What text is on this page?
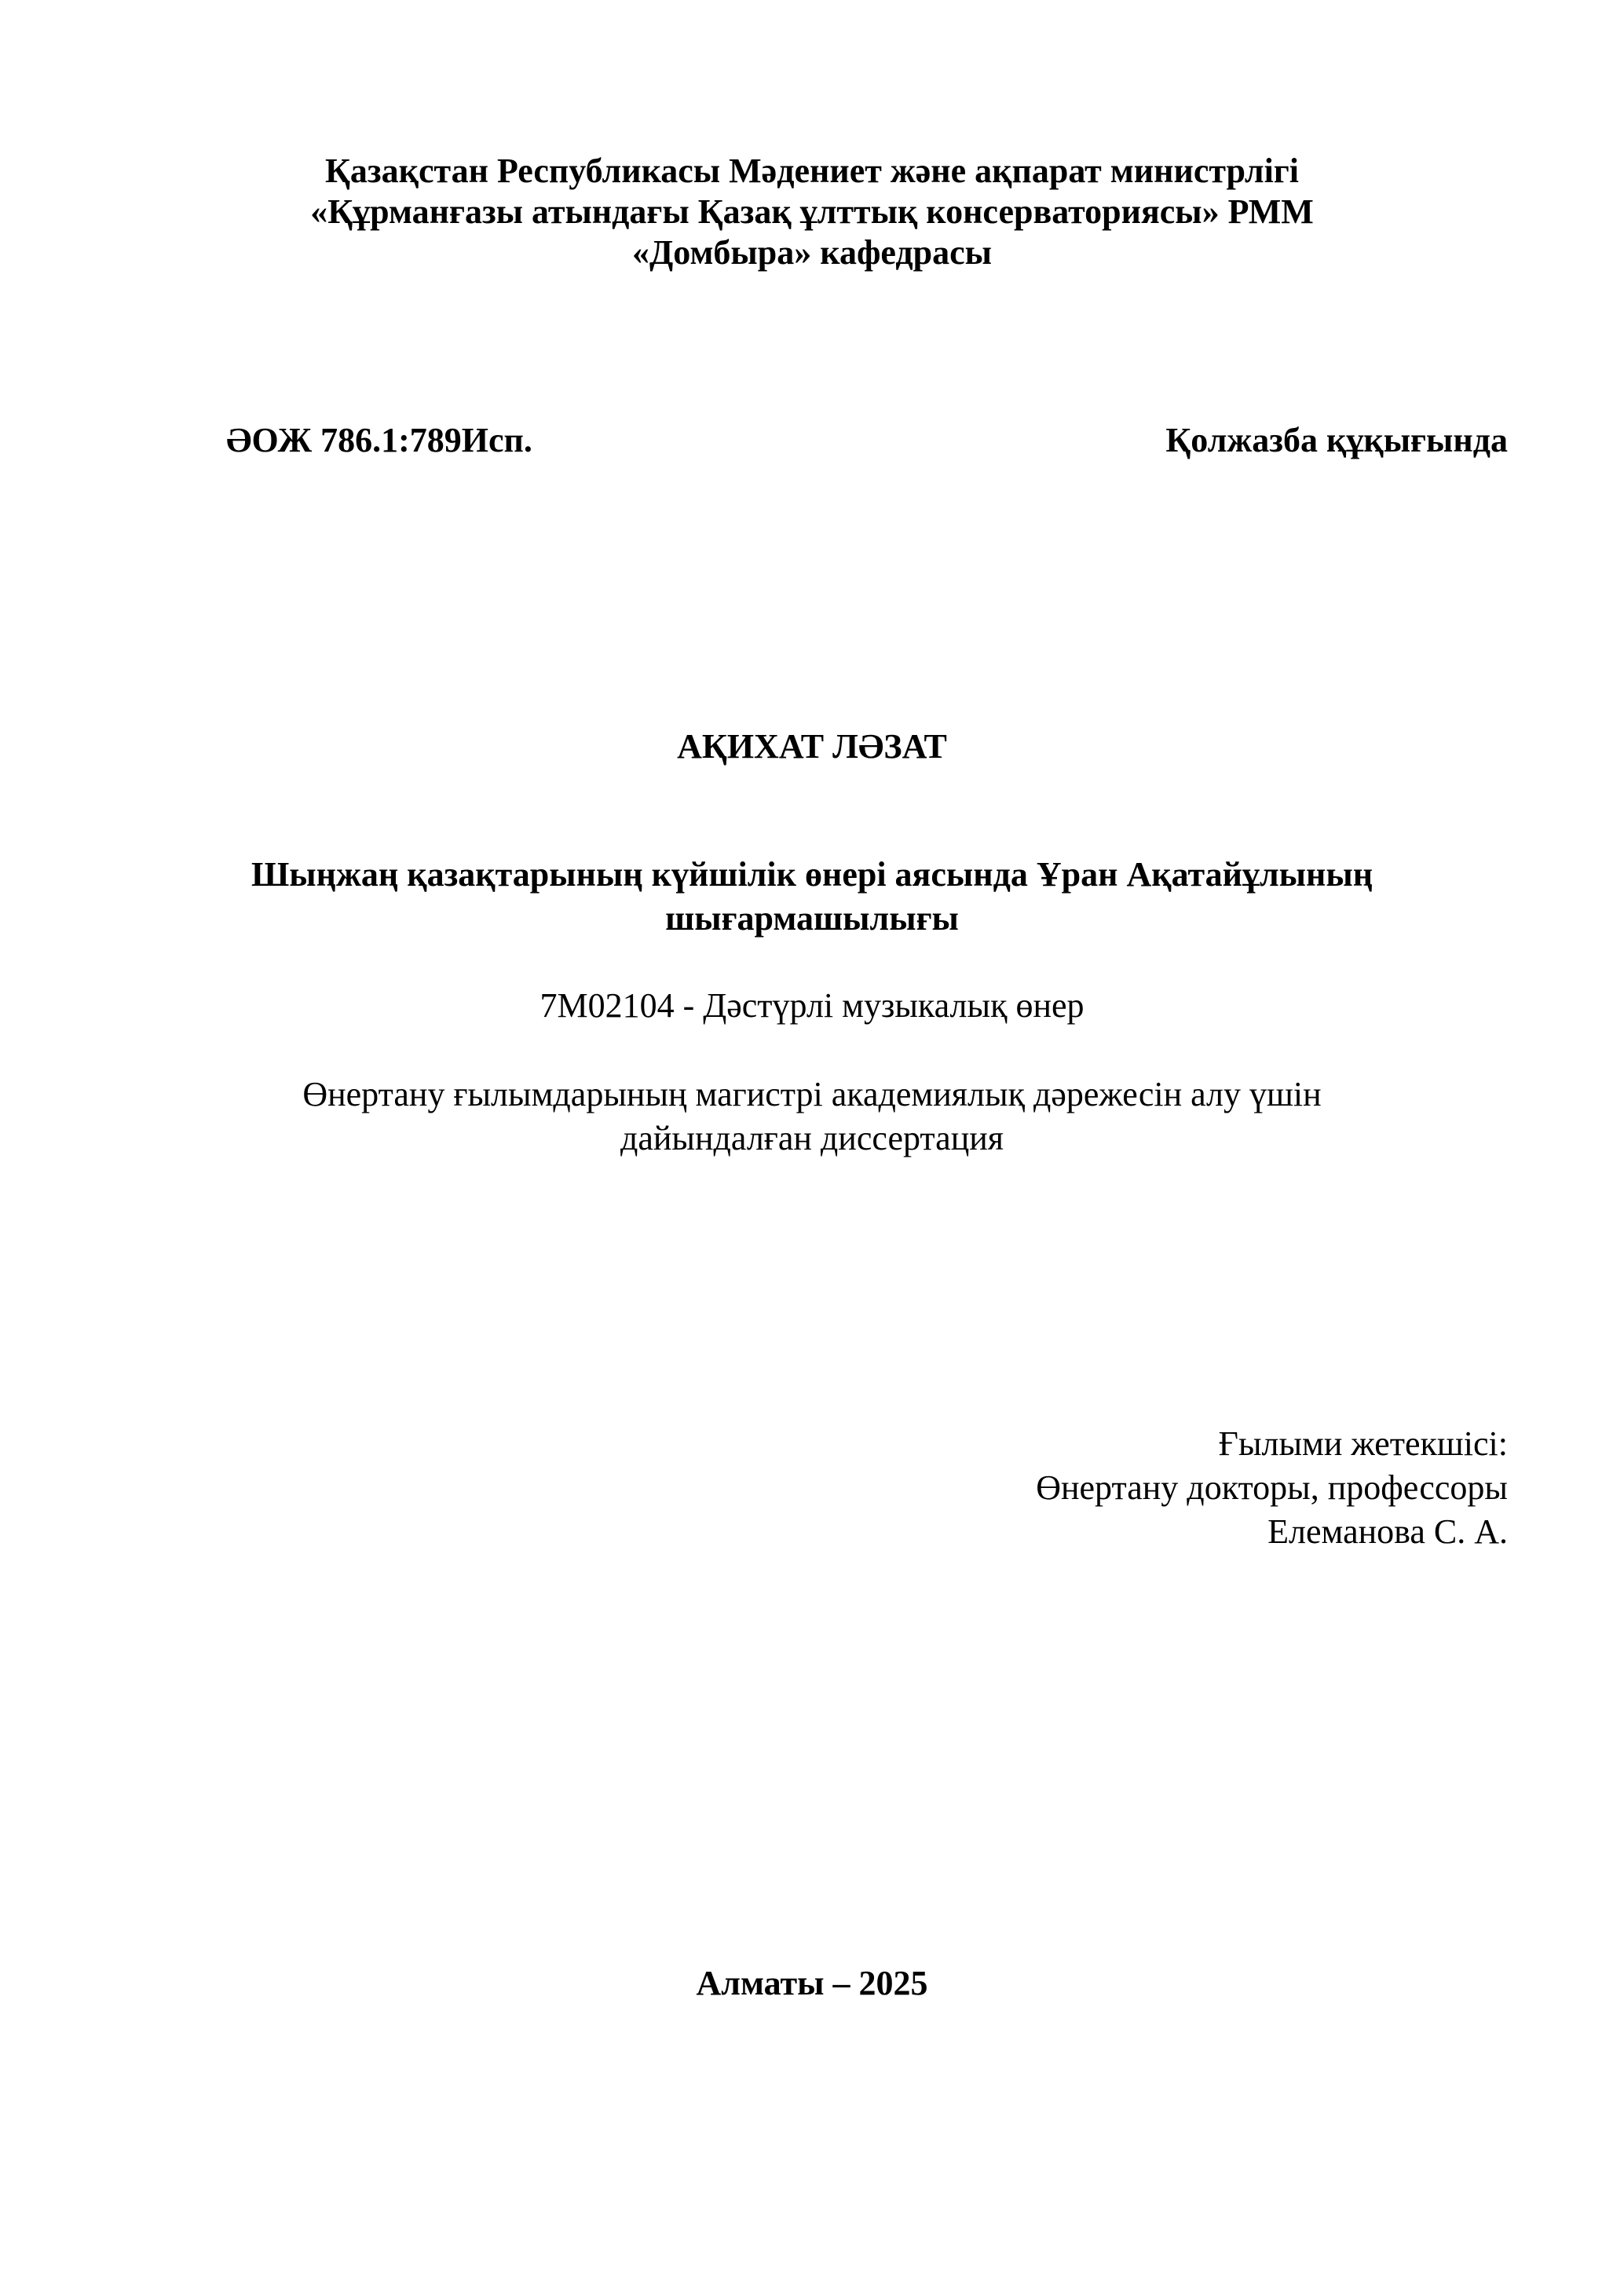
Қазақстан Республикасы Мәдениет және ақпарат министрлігі
«Құрманғазы атындағы Қазақ ұлттық консерваториясы» РММ
«Домбыра» кафедрасы
ӘОЖ 786.1:789Исп.	Қолжазба құқығында
АҚИХАТ ЛӘЗАТ
Шыңжаң қазақтарының күйшілік өнері аясында Ұран Ақатайұлының
шығармашылығы
7M02104 - Дәстүрлі музыкалық өнер
Өнертану ғылымдарының магистрі академиялық дәрежесін алу үшін
дайындалған диссертация
Ғылыми жетекшісі:
Өнертану докторы, профессоры
Елеманова С. А.
Алматы – 2025
